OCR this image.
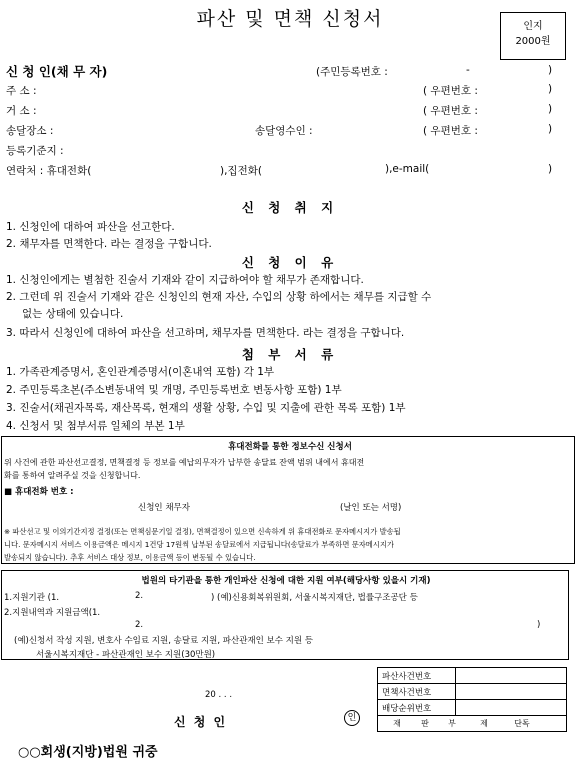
파산 및 면책 신청서	인지
2000원
신 청 인(채 무 자)	(주민등록번호 :	-	)
주 소 :	( 우편번호 :	)
거 소 :	( 우편번호 :	)
송달장소 :	송달영수인 :	( 우편번호 :	)
등록기준지 :
연락처 : 휴대전화(	),집전화(	),e-mail(	)
신 청 취 지
1. 신청인에 대하여 파산을 선고한다.
2. 채무자를 면책한다. 라는 결정을 구합니다.
신 청 이 유
1. 신청인에게는 별첨한 진술서 기재와 같이 지급하여야 할 채무가 존재합니다.
2. 그런데 위 진술서 기재와 같은 신청인의 현재 자산, 수입의 상황 하에서는 채무를 지급할 수
없는 상태에 있습니다.
3. 따라서 신청인에 대하여 파산을 선고하며, 채무자를 면책한다. 라는 결정을 구합니다.
첨 부 서 류
1. 가족관계증명서, 혼인관계증명서(이혼내역 포함) 각 1부
2. 주민등록초본(주소변동내역 및 개명, 주민등록번호 변동사항 포함) 1부
3. 진술서(채권자목록, 재산목록, 현재의 생활 상황, 수입 및 지출에 관한 목록 포함) 1부
4. 신청서 및 첨부서류 일체의 부본 1부
휴대전화를 통한 정보수신 신청서
위 사건에 관한 파산선고결정, 면책결정 등 정보를 예납의무자가 납부한 송달료 잔액 범위 내에서 휴대전
화를 통하여 알려주실 것을 신청합니다.
■ 휴대전화 번호 :
신청인 채무자	(날인 또는 서명)
※ 파산선고 및 이의기간지정 결정(또는 면책심문기일 결정), 면책결정이 있으면 신속하게 위 휴대전화로 문자메시지가 발송됩
니다. 문자메시지 서비스 이용금액은 메시지 1건당 17원씩 납부된 송달료에서 지급됩니다(송달료가 부족하면 문자메시지가
발송되지 않습니다). 추후 서비스 대상 정보, 이용금액 등이 변동될 수 있습니다.
법원의 타기관을 통한 개인파산 신청에 대한 지원 여부(해당사항 있을시 기재)
1.지원기관 (1.	2.	) (예)신용회복위원회, 서울시복지재단, 법률구조공단 등
2.지원내역과 지원금액(1.
2.	)
(예)신청서 작성 지원, 변호사 수임료 지원, 송달료 지원, 파산관재인 보수 지원 등
서울시복지재단 - 파산관재인 보수 지원(30만원)
20 . . .
신 청 인	인
○○회생(지방)법원 귀중
파산사건번호	
면책사건번호	
배당순위번호	
재 판 부 제 단독	
